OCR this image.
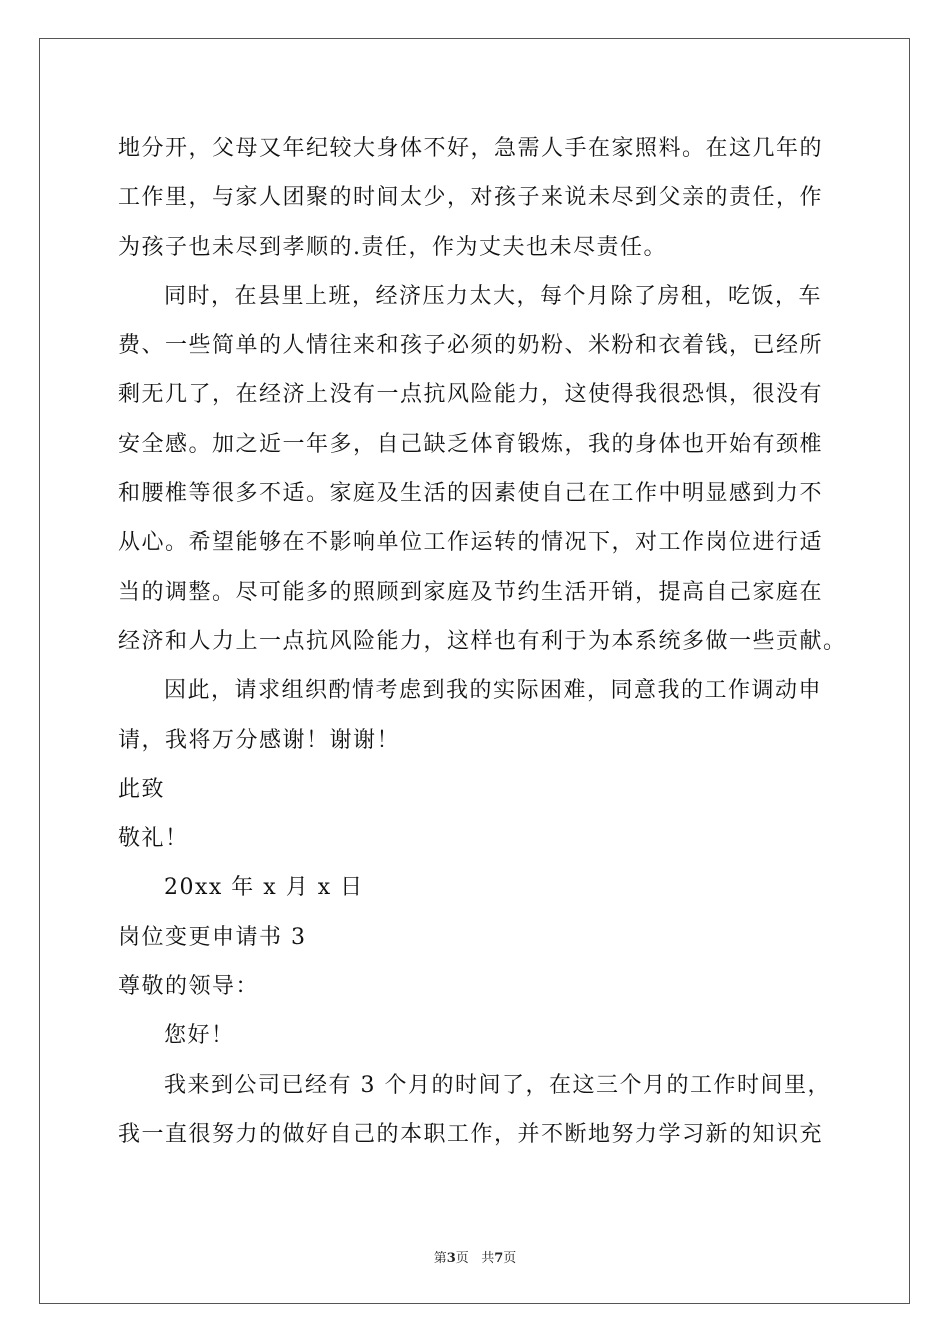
地分开，父母又年纪较大身体不好，急需人手在家照料。在这几年的
工作里，与家人团聚的时间太少，对孩子来说未尽到父亲的责任，作
为孩子也未尽到孝顺的.责任，作为丈夫也未尽责任。
同时，在县里上班，经济压力太大，每个月除了房租，吃饭，车
费、一些简单的人情往来和孩子必须的奶粉、米粉和衣着钱，已经所
剩无几了，在经济上没有一点抗风险能力，这使得我很恐惧，很没有
安全感。加之近一年多，自己缺乏体育锻炼，我的身体也开始有颈椎
和腰椎等很多不适。家庭及生活的因素使自己在工作中明显感到力不
从心。希望能够在不影响单位工作运转的情况下，对工作岗位进行适
当的调整。尽可能多的照顾到家庭及节约生活开销，提高自己家庭在
经济和人力上一点抗风险能力，这样也有利于为本系统多做一些贡献。
因此，请求组织酌情考虑到我的实际困难，同意我的工作调动申
请，我将万分感谢！谢谢！
此致
敬礼！
20xx 年 x 月 x 日
岗位变更申请书 3
尊敬的领导：
您好！
我来到公司已经有 3 个月的时间了，在这三个月的工作时间里，
我一直很努力的做好自己的本职工作，并不断地努力学习新的知识充
第3页 共7页
